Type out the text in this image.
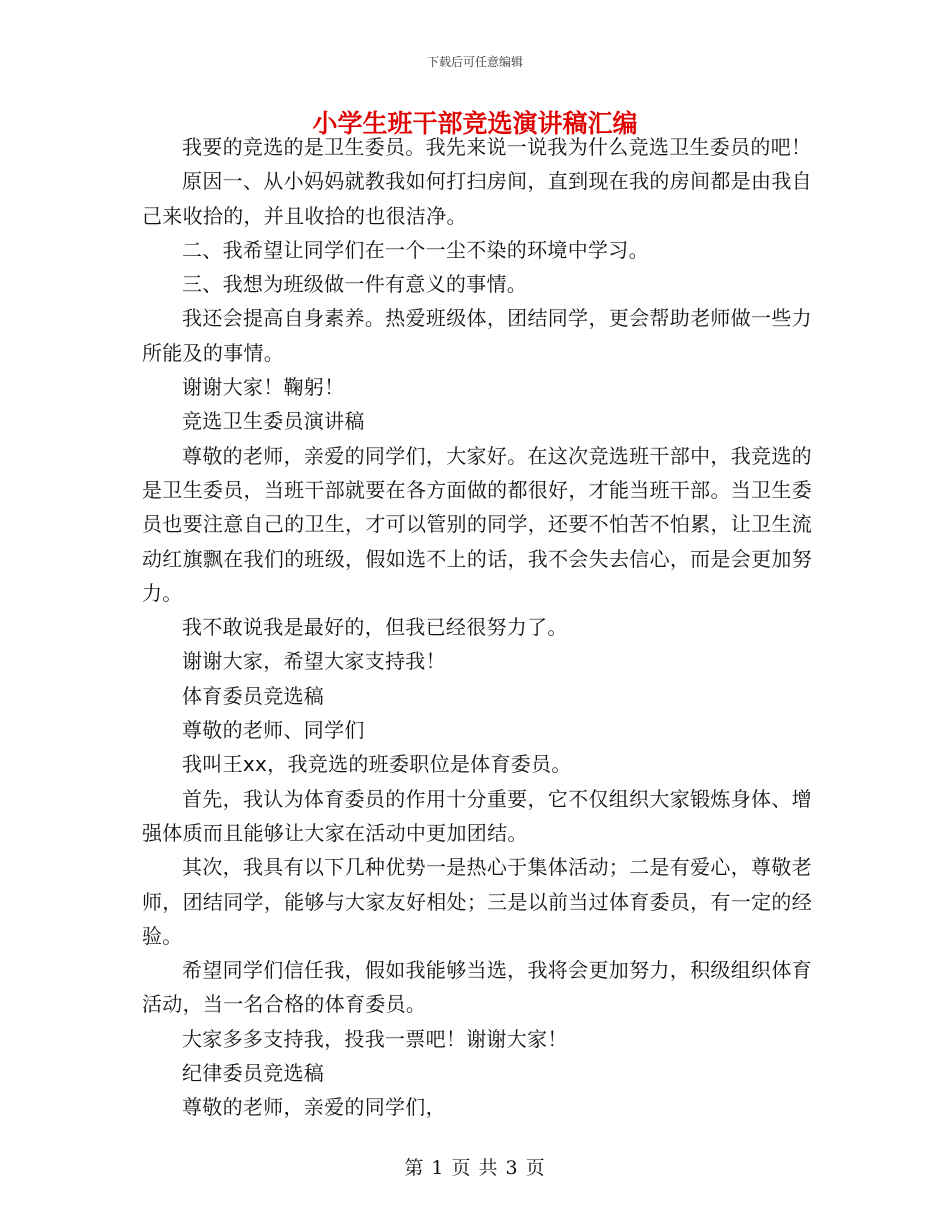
下载后可任意编辑
小学生班干部竞选演讲稿汇编

我要的竞选的是卫生委员。我先来说一说我为什么竞选卫生委员的吧！

原因一、从小妈妈就教我如何打扫房间，直到现在我的房间都是由我自己来收拾的，并且收拾的也很洁净。

二、我希望让同学们在一个一尘不染的环境中学习。

三、我想为班级做一件有意义的事情。

我还会提高自身素养。热爱班级体，团结同学，更会帮助老师做一些力所能及的事情。

谢谢大家！鞠躬！

竞选卫生委员演讲稿

尊敬的老师，亲爱的同学们，大家好。在这次竞选班干部中，我竞选的是卫生委员，当班干部就要在各方面做的都很好，才能当班干部。当卫生委员也要注意自己的卫生，才可以管别的同学，还要不怕苦不怕累，让卫生流动红旗飘在我们的班级，假如选不上的话，我不会失去信心，而是会更加努力。

我不敢说我是最好的，但我已经很努力了。

谢谢大家，希望大家支持我！

体育委员竞选稿

尊敬的老师、同学们

我叫王xx，我竞选的班委职位是体育委员。

首先，我认为体育委员的作用十分重要，它不仅组织大家锻炼身体、增强体质而且能够让大家在活动中更加团结。

其次，我具有以下几种优势一是热心于集体活动；二是有爱心，尊敬老师，团结同学，能够与大家友好相处；三是以前当过体育委员，有一定的经验。

希望同学们信任我，假如我能够当选，我将会更加努力，积级组织体育活动，当一名合格的体育委员。

大家多多支持我，投我一票吧！谢谢大家！

纪律委员竞选稿

尊敬的老师，亲爱的同学们，

第 1 页 共 3 页
